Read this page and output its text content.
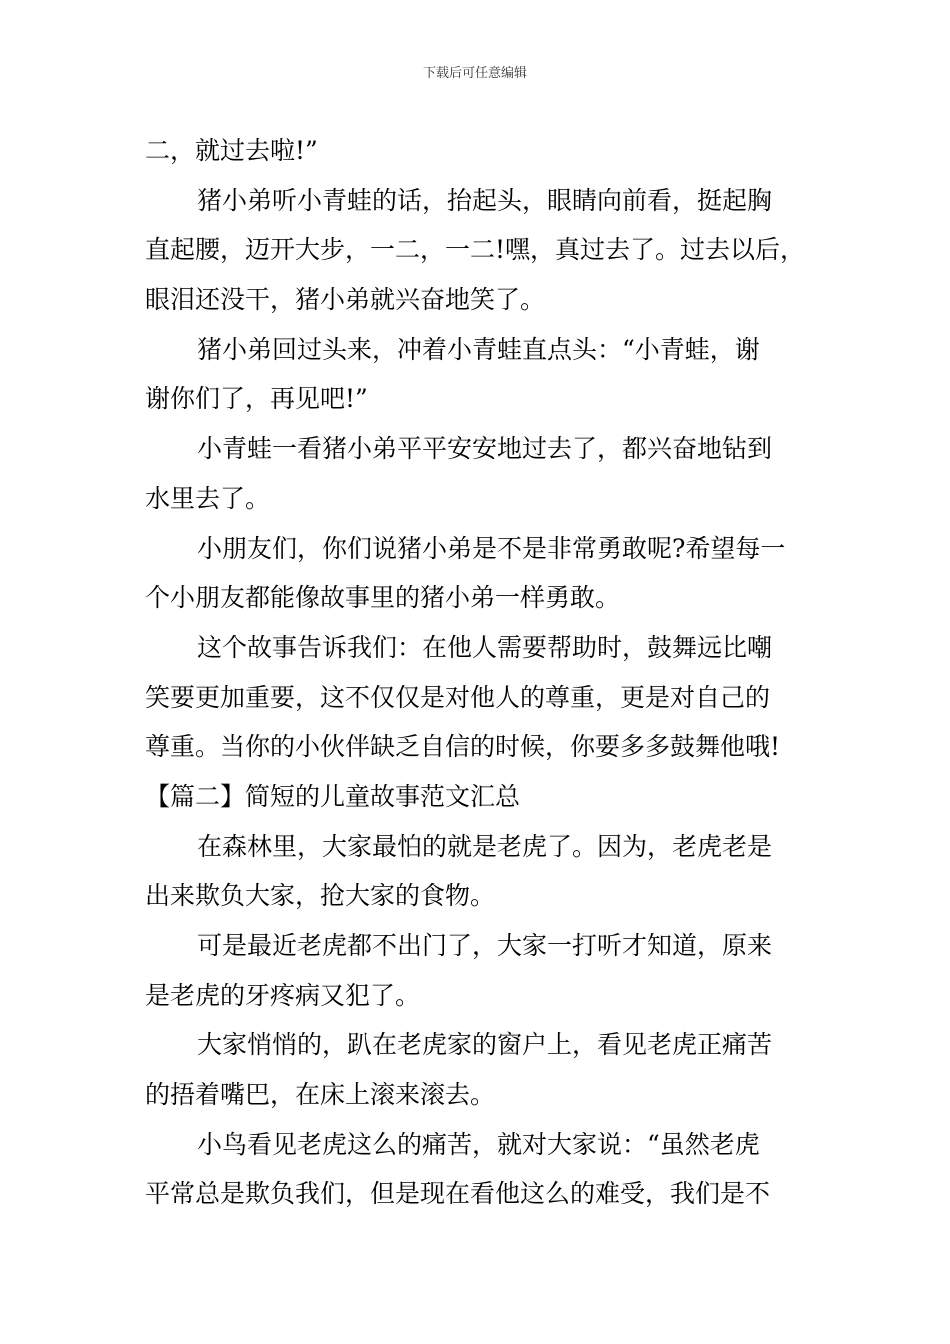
下载后可任意编辑
二，就过去啦!”
猪小弟听小青蛙的话，抬起头，眼睛向前看，挺起胸
直起腰，迈开大步，一二，一二!嘿，真过去了。过去以后，
眼泪还没干，猪小弟就兴奋地笑了。
猪小弟回过头来，冲着小青蛙直点头：“小青蛙，谢
谢你们了，再见吧!”
小青蛙一看猪小弟平平安安地过去了，都兴奋地钻到
水里去了。
小朋友们，你们说猪小弟是不是非常勇敢呢?希望每一
个小朋友都能像故事里的猪小弟一样勇敢。
这个故事告诉我们：在他人需要帮助时，鼓舞远比嘲
笑要更加重要，这不仅仅是对他人的尊重，更是对自己的
尊重。当你的小伙伴缺乏自信的时候，你要多多鼓舞他哦!
【篇二】简短的儿童故事范文汇总
在森林里，大家最怕的就是老虎了。因为，老虎老是
出来欺负大家，抢大家的食物。
可是最近老虎都不出门了，大家一打听才知道，原来
是老虎的牙疼病又犯了。
大家悄悄的，趴在老虎家的窗户上，看见老虎正痛苦
的捂着嘴巴，在床上滚来滚去。
小鸟看见老虎这么的痛苦，就对大家说：“虽然老虎
平常总是欺负我们，但是现在看他这么的难受，我们是不
